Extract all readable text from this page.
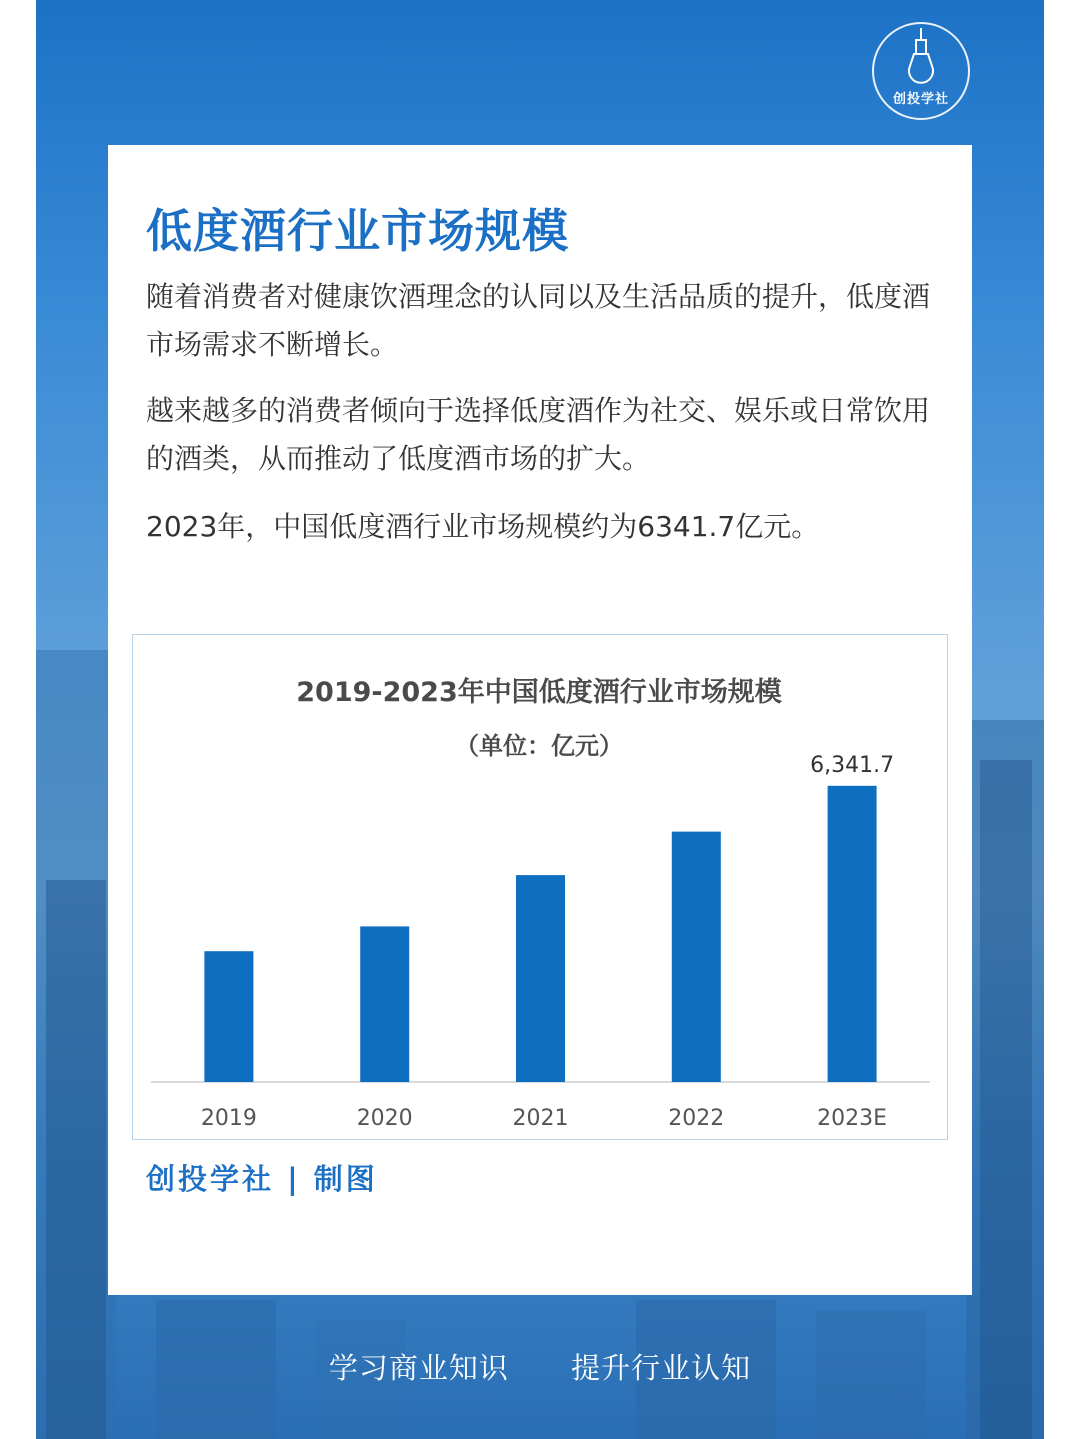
创投学社
低度酒行业市场规模
随着消费者对健康饮酒理念的认同以及生活品质的提升，低度酒市场需求不断增长。
越来越多的消费者倾向于选择低度酒作为社交、娱乐或日常饮用的酒类，从而推动了低度酒市场的扩大。
2023年，中国低度酒行业市场规模约为6341.7亿元。
2019-2023年中国低度酒行业市场规模
（单位：亿元）
2019	2020	2021	2022	2023E
6,341.7
创投学社 | 制图
学习商业知识 提升行业认知
